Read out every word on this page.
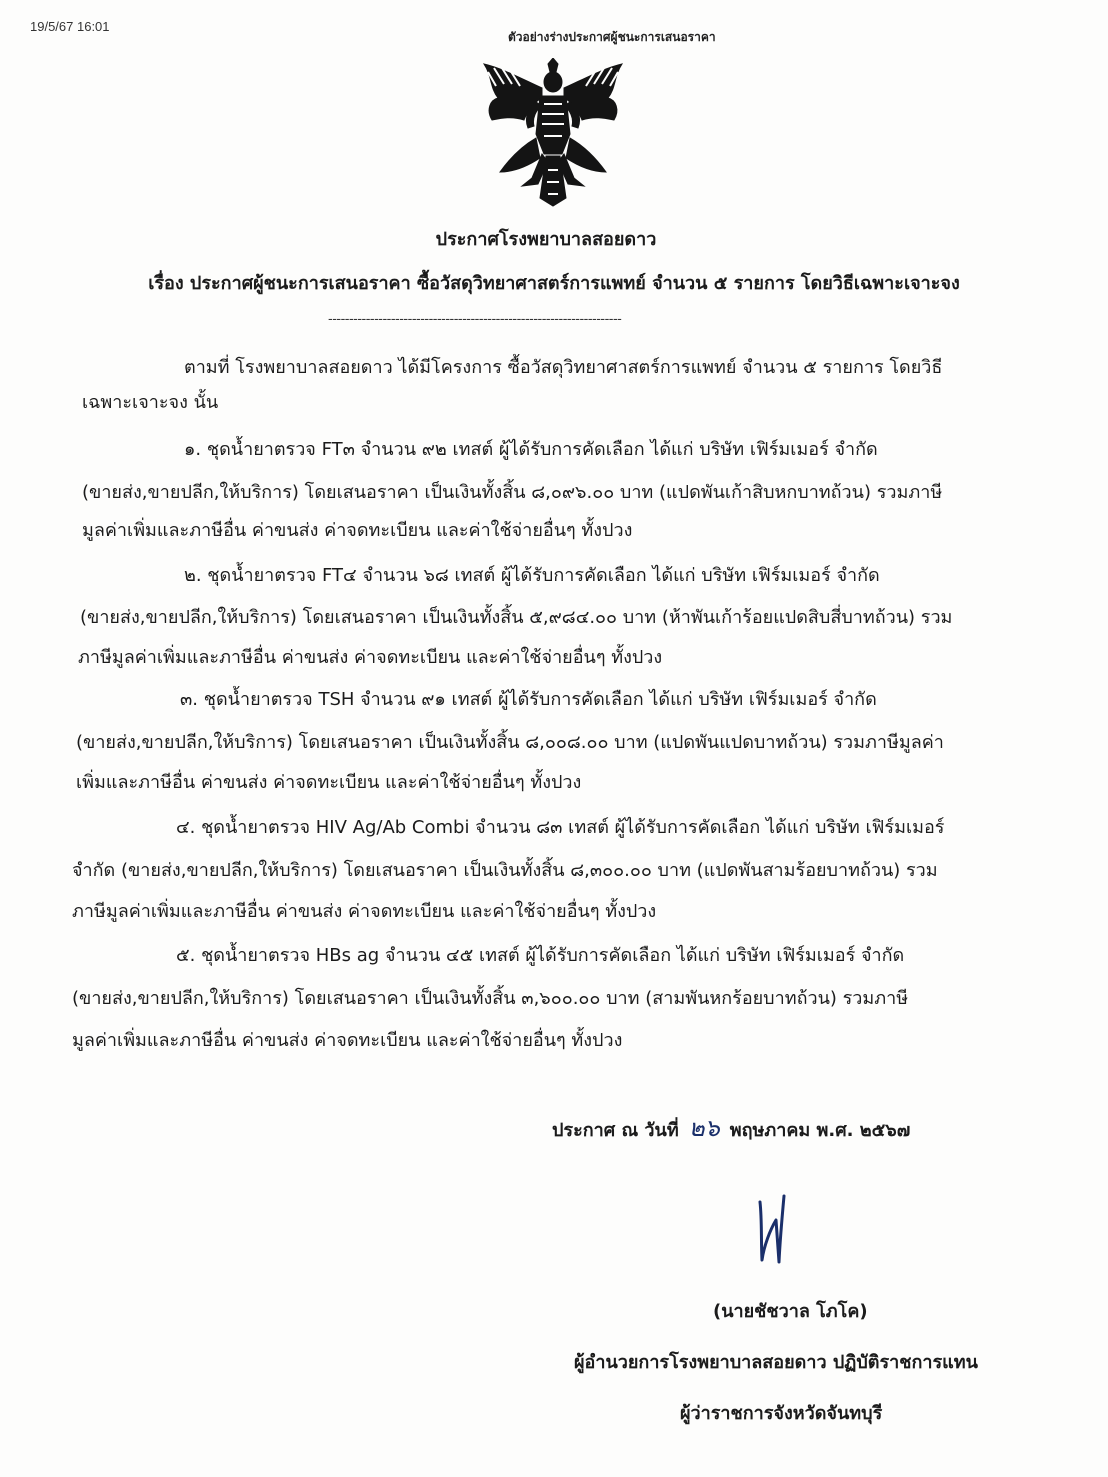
19/5/67 16:01
ตัวอย่างร่างประกาศผู้ชนะการเสนอราคา
ประกาศโรงพยาบาลสอยดาว
เรื่อง ประกาศผู้ชนะการเสนอราคา ซื้อวัสดุวิทยาศาสตร์การแพทย์ จำนวน ๕ รายการ โดยวิธีเฉพาะเจาะจง
----------------------------------------------------------------------
ตามที่ โรงพยาบาลสอยดาว ได้มีโครงการ ซื้อวัสดุวิทยาศาสตร์การแพทย์ จำนวน ๕ รายการ โดยวิธี
เฉพาะเจาะจง นั้น
๑. ชุดน้ำยาตรวจ FT๓ จำนวน ๙๒ เทสต์ ผู้ได้รับการคัดเลือก ได้แก่ บริษัท เฟิร์มเมอร์ จำกัด
(ขายส่ง,ขายปลีก,ให้บริการ) โดยเสนอราคา เป็นเงินทั้งสิ้น ๘,๐๙๖.๐๐ บาท (แปดพันเก้าสิบหกบาทถ้วน) รวมภาษี
มูลค่าเพิ่มและภาษีอื่น ค่าขนส่ง ค่าจดทะเบียน และค่าใช้จ่ายอื่นๆ ทั้งปวง
๒. ชุดน้ำยาตรวจ FT๔ จำนวน ๖๘ เทสต์ ผู้ได้รับการคัดเลือก ได้แก่ บริษัท เฟิร์มเมอร์ จำกัด
(ขายส่ง,ขายปลีก,ให้บริการ) โดยเสนอราคา เป็นเงินทั้งสิ้น ๕,๙๘๔.๐๐ บาท (ห้าพันเก้าร้อยแปดสิบสี่บาทถ้วน) รวม
ภาษีมูลค่าเพิ่มและภาษีอื่น ค่าขนส่ง ค่าจดทะเบียน และค่าใช้จ่ายอื่นๆ ทั้งปวง
๓. ชุดน้ำยาตรวจ TSH จำนวน ๙๑ เทสต์ ผู้ได้รับการคัดเลือก ได้แก่ บริษัท เฟิร์มเมอร์ จำกัด
(ขายส่ง,ขายปลีก,ให้บริการ) โดยเสนอราคา เป็นเงินทั้งสิ้น ๘,๐๐๘.๐๐ บาท (แปดพันแปดบาทถ้วน) รวมภาษีมูลค่า
เพิ่มและภาษีอื่น ค่าขนส่ง ค่าจดทะเบียน และค่าใช้จ่ายอื่นๆ ทั้งปวง
๔. ชุดน้ำยาตรวจ HIV Ag/Ab Combi จำนวน ๘๓ เทสต์ ผู้ได้รับการคัดเลือก ได้แก่ บริษัท เฟิร์มเมอร์
จำกัด (ขายส่ง,ขายปลีก,ให้บริการ) โดยเสนอราคา เป็นเงินทั้งสิ้น ๘,๓๐๐.๐๐ บาท (แปดพันสามร้อยบาทถ้วน) รวม
ภาษีมูลค่าเพิ่มและภาษีอื่น ค่าขนส่ง ค่าจดทะเบียน และค่าใช้จ่ายอื่นๆ ทั้งปวง
๕. ชุดน้ำยาตรวจ HBs ag จำนวน ๔๕ เทสต์ ผู้ได้รับการคัดเลือก ได้แก่ บริษัท เฟิร์มเมอร์ จำกัด
(ขายส่ง,ขายปลีก,ให้บริการ) โดยเสนอราคา เป็นเงินทั้งสิ้น ๓,๖๐๐.๐๐ บาท (สามพันหกร้อยบาทถ้วน) รวมภาษี
มูลค่าเพิ่มและภาษีอื่น ค่าขนส่ง ค่าจดทะเบียน และค่าใช้จ่ายอื่นๆ ทั้งปวง
ประกาศ ณ วันที่ ๒๖ พฤษภาคม พ.ศ. ๒๕๖๗
(นายชัชวาล โภโค)
ผู้อำนวยการโรงพยาบาลสอยดาว ปฏิบัติราชการแทน
ผู้ว่าราชการจังหวัดจันทบุรี
